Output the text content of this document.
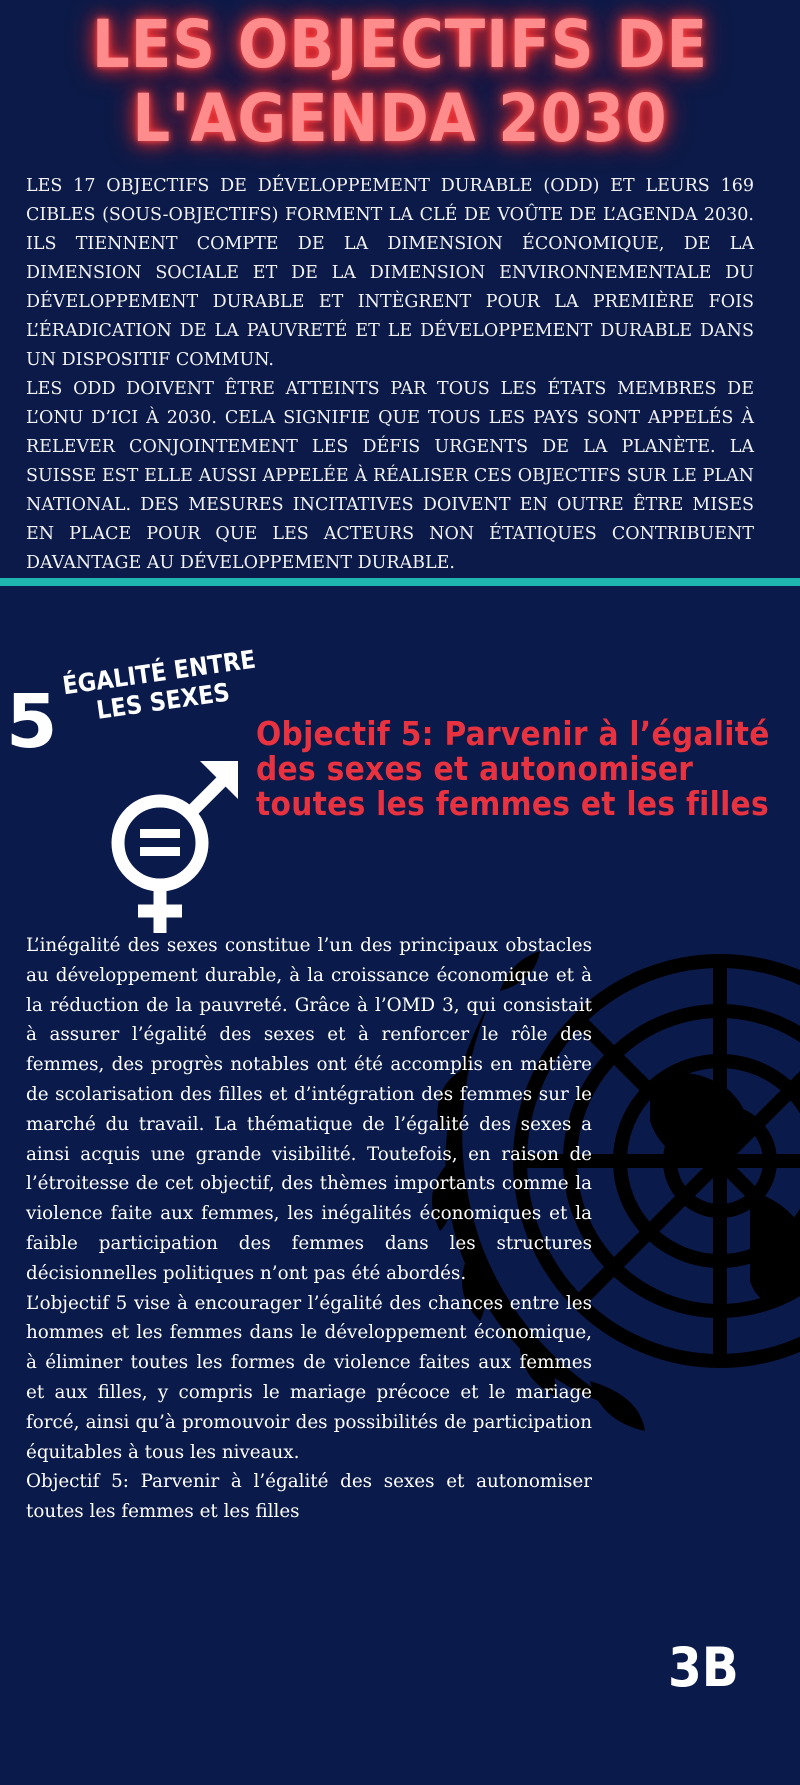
LES OBJECTIFS DE
L'AGENDA 2030

LES 17 OBJECTIFS DE DÉVELOPPEMENT DURABLE (ODD) ET LEURS 169 CIBLES (SOUS-OBJECTIFS) FORMENT LA CLÉ DE VOÛTE DE L’AGENDA 2030. ILS TIENNENT COMPTE DE LA DIMENSION ÉCONOMIQUE, DE LA DIMENSION SOCIALE ET DE LA DIMENSION ENVIRONNEMENTALE DU DÉVELOPPEMENT DURABLE ET INTÈGRENT POUR LA PREMIÈRE FOIS L’ÉRADICATION DE LA PAUVRETÉ ET LE DÉVELOPPEMENT DURABLE DANS UN DISPOSITIF COMMUN.

LES ODD DOIVENT ÊTRE ATTEINTS PAR TOUS LES ÉTATS MEMBRES DE L’ONU D’ICI À 2030. CELA SIGNIFIE QUE TOUS LES PAYS SONT APPELÉS À RELEVER CONJOINTEMENT LES DÉFIS URGENTS DE LA PLANÈTE. LA SUISSE EST ELLE AUSSI APPELÉE À RÉALISER CES OBJECTIFS SUR LE PLAN NATIONAL. DES MESURES INCITATIVES DOIVENT EN OUTRE ÊTRE MISES EN PLACE POUR QUE LES ACTEURS NON ÉTATIQUES CONTRIBUENT DAVANTAGE AU DÉVELOPPEMENT DURABLE.

5
ÉGALITÉ ENTRE LES SEXES
Objectif 5: Parvenir à l’égalité des sexes et autonomiser toutes les femmes et les filles

L’inégalité des sexes constitue l’un des principaux obstacles au développement durable, à la croissance économique et à la réduction de la pauvreté. Grâce à l’OMD 3, qui consistait à assurer l’égalité des sexes et à renforcer le rôle des femmes, des progrès notables ont été accomplis en matière de scolarisation des filles et d’intégration des femmes sur le marché du travail. La thématique de l’égalité des sexes a ainsi acquis une grande visibilité. Toutefois, en raison de l’étroitesse de cet objectif, des thèmes importants comme la violence faite aux femmes, les inégalités économiques et la faible participation des femmes dans les structures décisionnelles politiques n’ont pas été abordés.

L’objectif 5 vise à encourager l’égalité des chances entre les hommes et les femmes dans le développement économique, à éliminer toutes les formes de violence faites aux femmes et aux filles, y compris le mariage précoce et le mariage forcé, ainsi qu’à promouvoir des possibilités de participation équitables à tous les niveaux.

Objectif 5: Parvenir à l’égalité des sexes et autonomiser toutes les femmes et les filles

3B
